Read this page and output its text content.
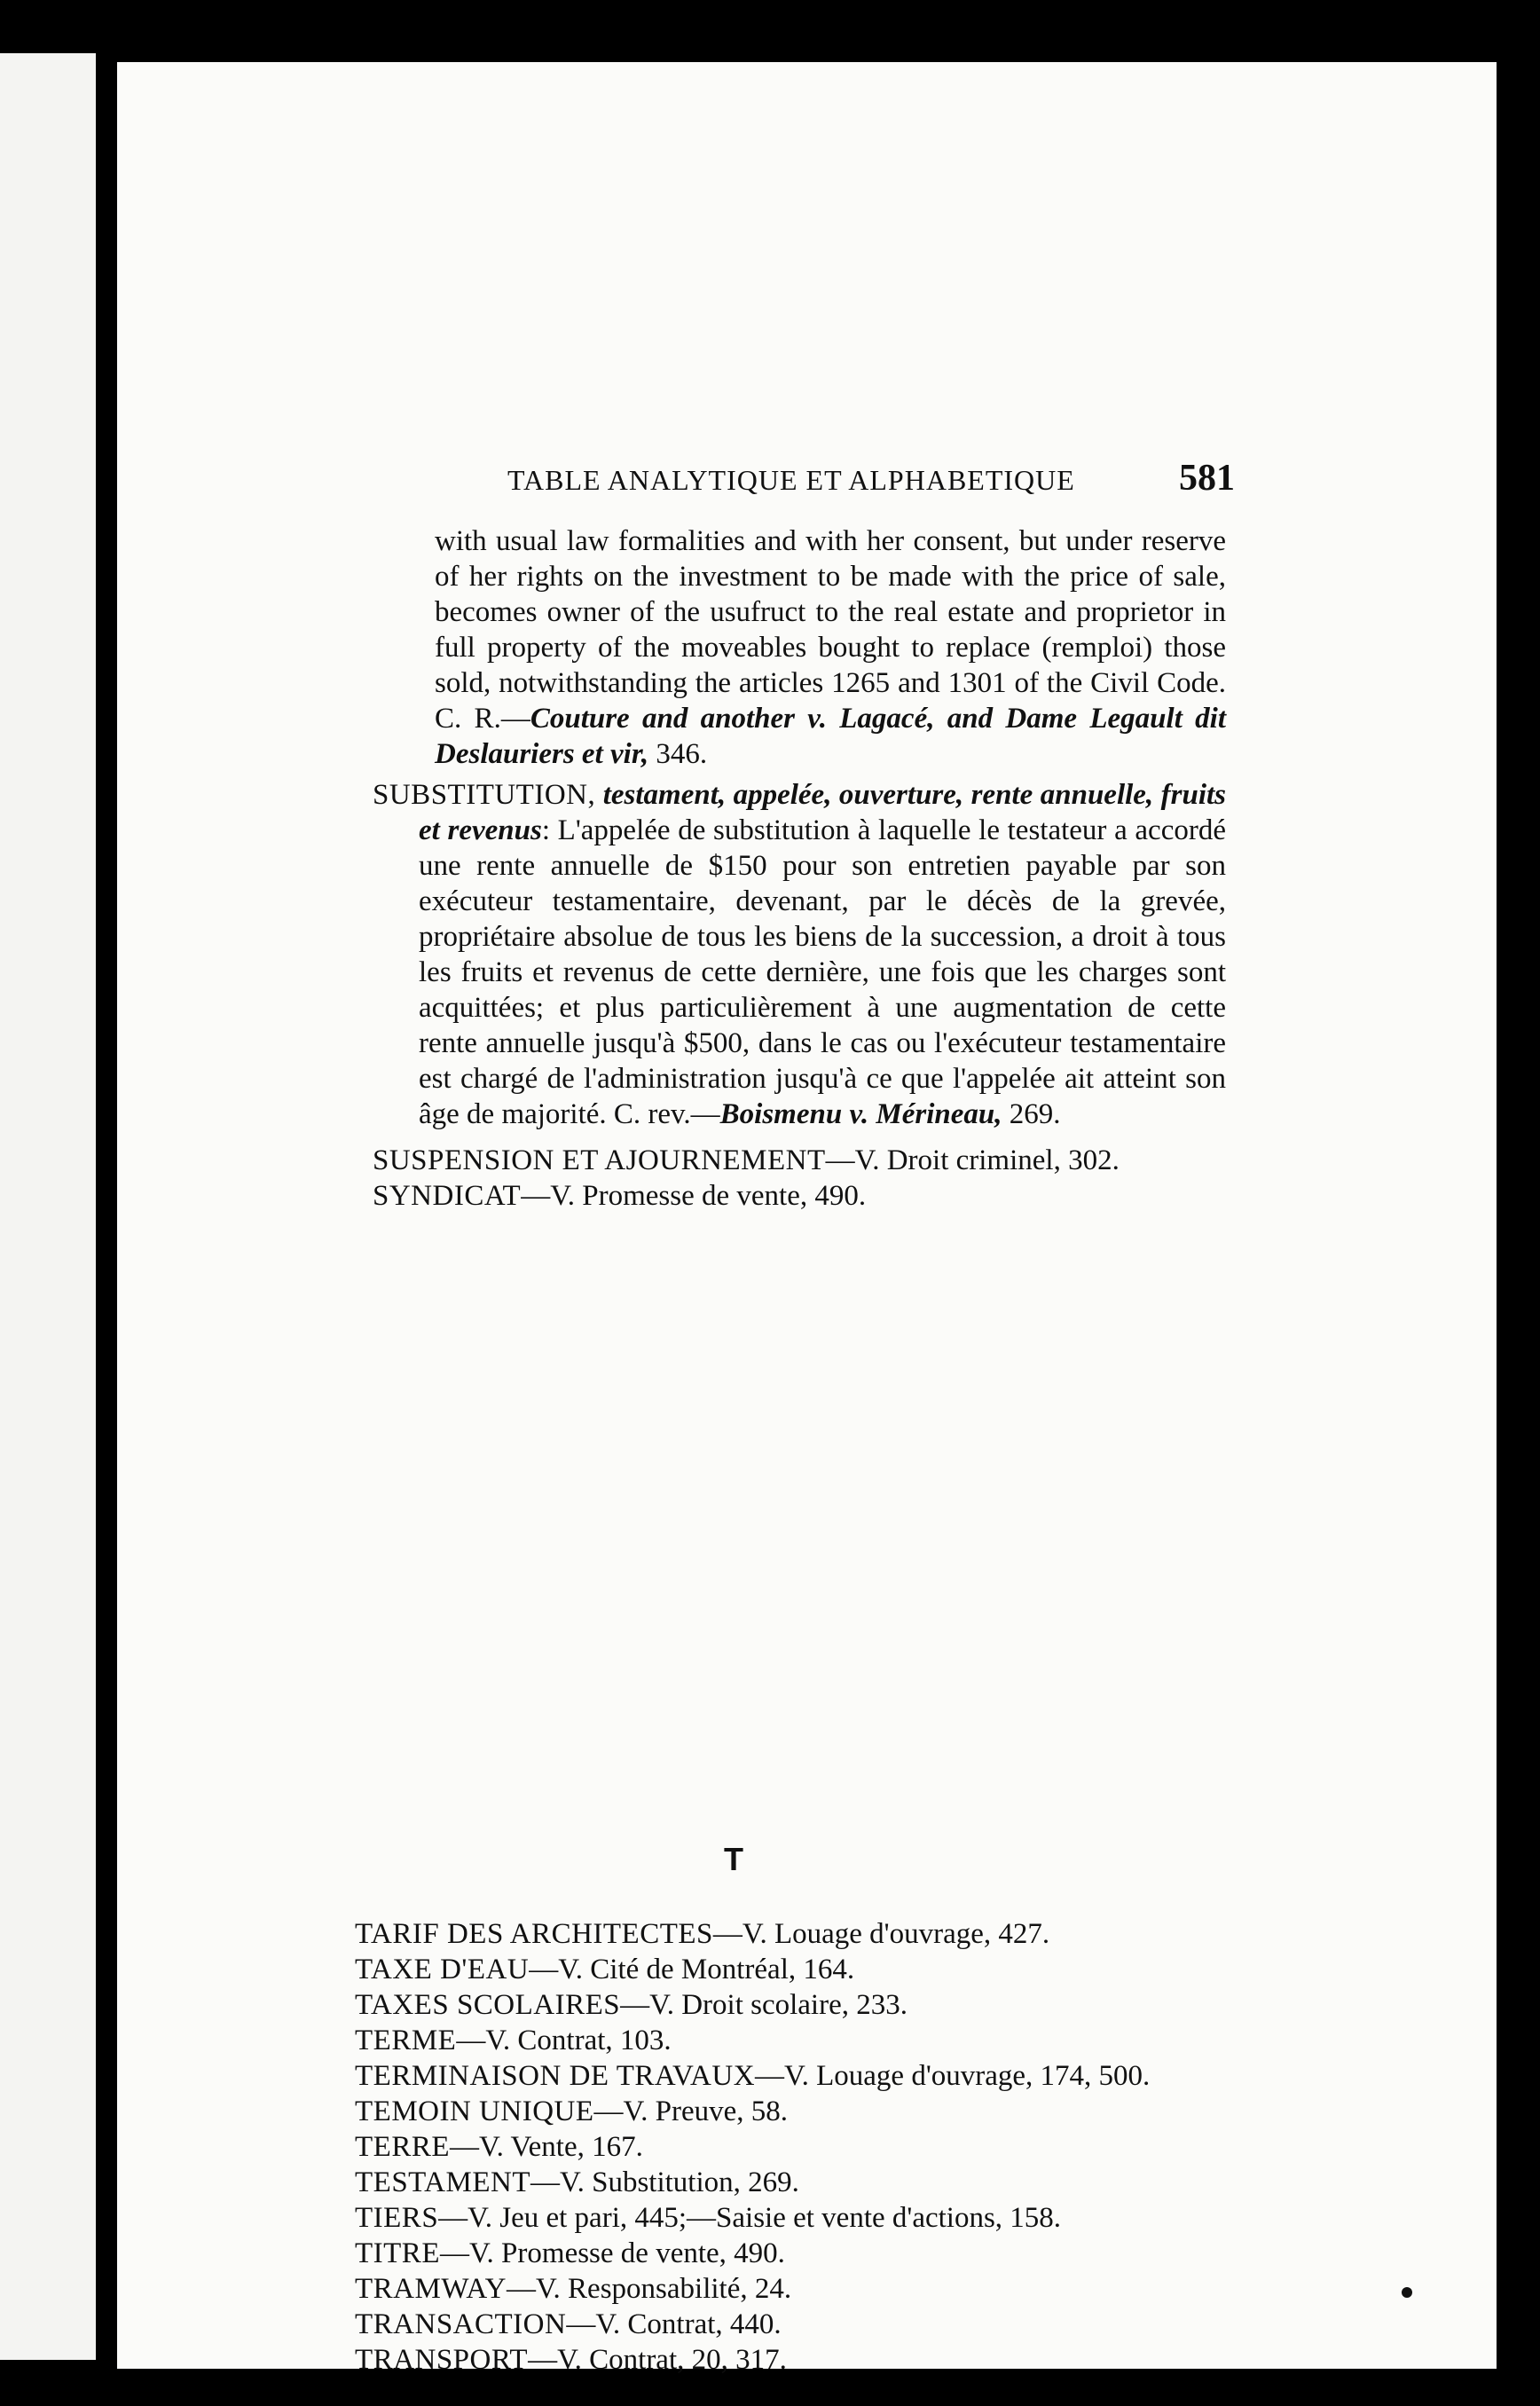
TABLE ANALYTIQUE ET ALPHABETIQUE	581
with usual law formalities and with her consent, but under reserve of her rights on the investment to be made with the price of sale, becomes owner of the usufruct to the real estate and proprietor in full property of the moveables bought to replace (remploi) those sold, notwithstanding the articles 1265 and 1301 of the Civil Code. C. R.—Couture and another v. Lagacé, and Dame Legault dit Deslauriers et vir, 346.
SUBSTITUTION, testament, appelée, ouverture, rente annuelle, fruits et revenus: L'appelée de substitution à laquelle le testateur a accordé une rente annuelle de $150 pour son entretien payable par son exécuteur testamentaire, devenant, par le décès de la grevée, propriétaire absolue de tous les biens de la succession, a droit à tous les fruits et revenus de cette dernière, une fois que les charges sont acquittées; et plus particulièrement à une augmentation de cette rente annuelle jusqu'à $500, dans le cas ou l'exécuteur testamentaire est chargé de l'administration jusqu'à ce que l'appelée ait atteint son âge de majorité. C. rev.—Boismenu v. Mérineau, 269.
SUSPENSION ET AJOURNEMENT—V. Droit criminel, 302.
SYNDICAT—V. Promesse de vente, 490.
T
TARIF DES ARCHITECTES—V. Louage d'ouvrage, 427.
TAXE D'EAU—V. Cité de Montréal, 164.
TAXES SCOLAIRES—V. Droit scolaire, 233.
TERME—V. Contrat, 103.
TERMINAISON DE TRAVAUX—V. Louage d'ouvrage, 174, 500.
TEMOIN UNIQUE—V. Preuve, 58.
TERRE—V. Vente, 167.
TESTAMENT—V. Substitution, 269.
TIERS—V. Jeu et pari, 445;—Saisie et vente d'actions, 158.
TITRE—V. Promesse de vente, 490.
TRAMWAY—V. Responsabilité, 24.
TRANSACTION—V. Contrat, 440.
TRANSPORT—V. Contrat, 20, 317.
